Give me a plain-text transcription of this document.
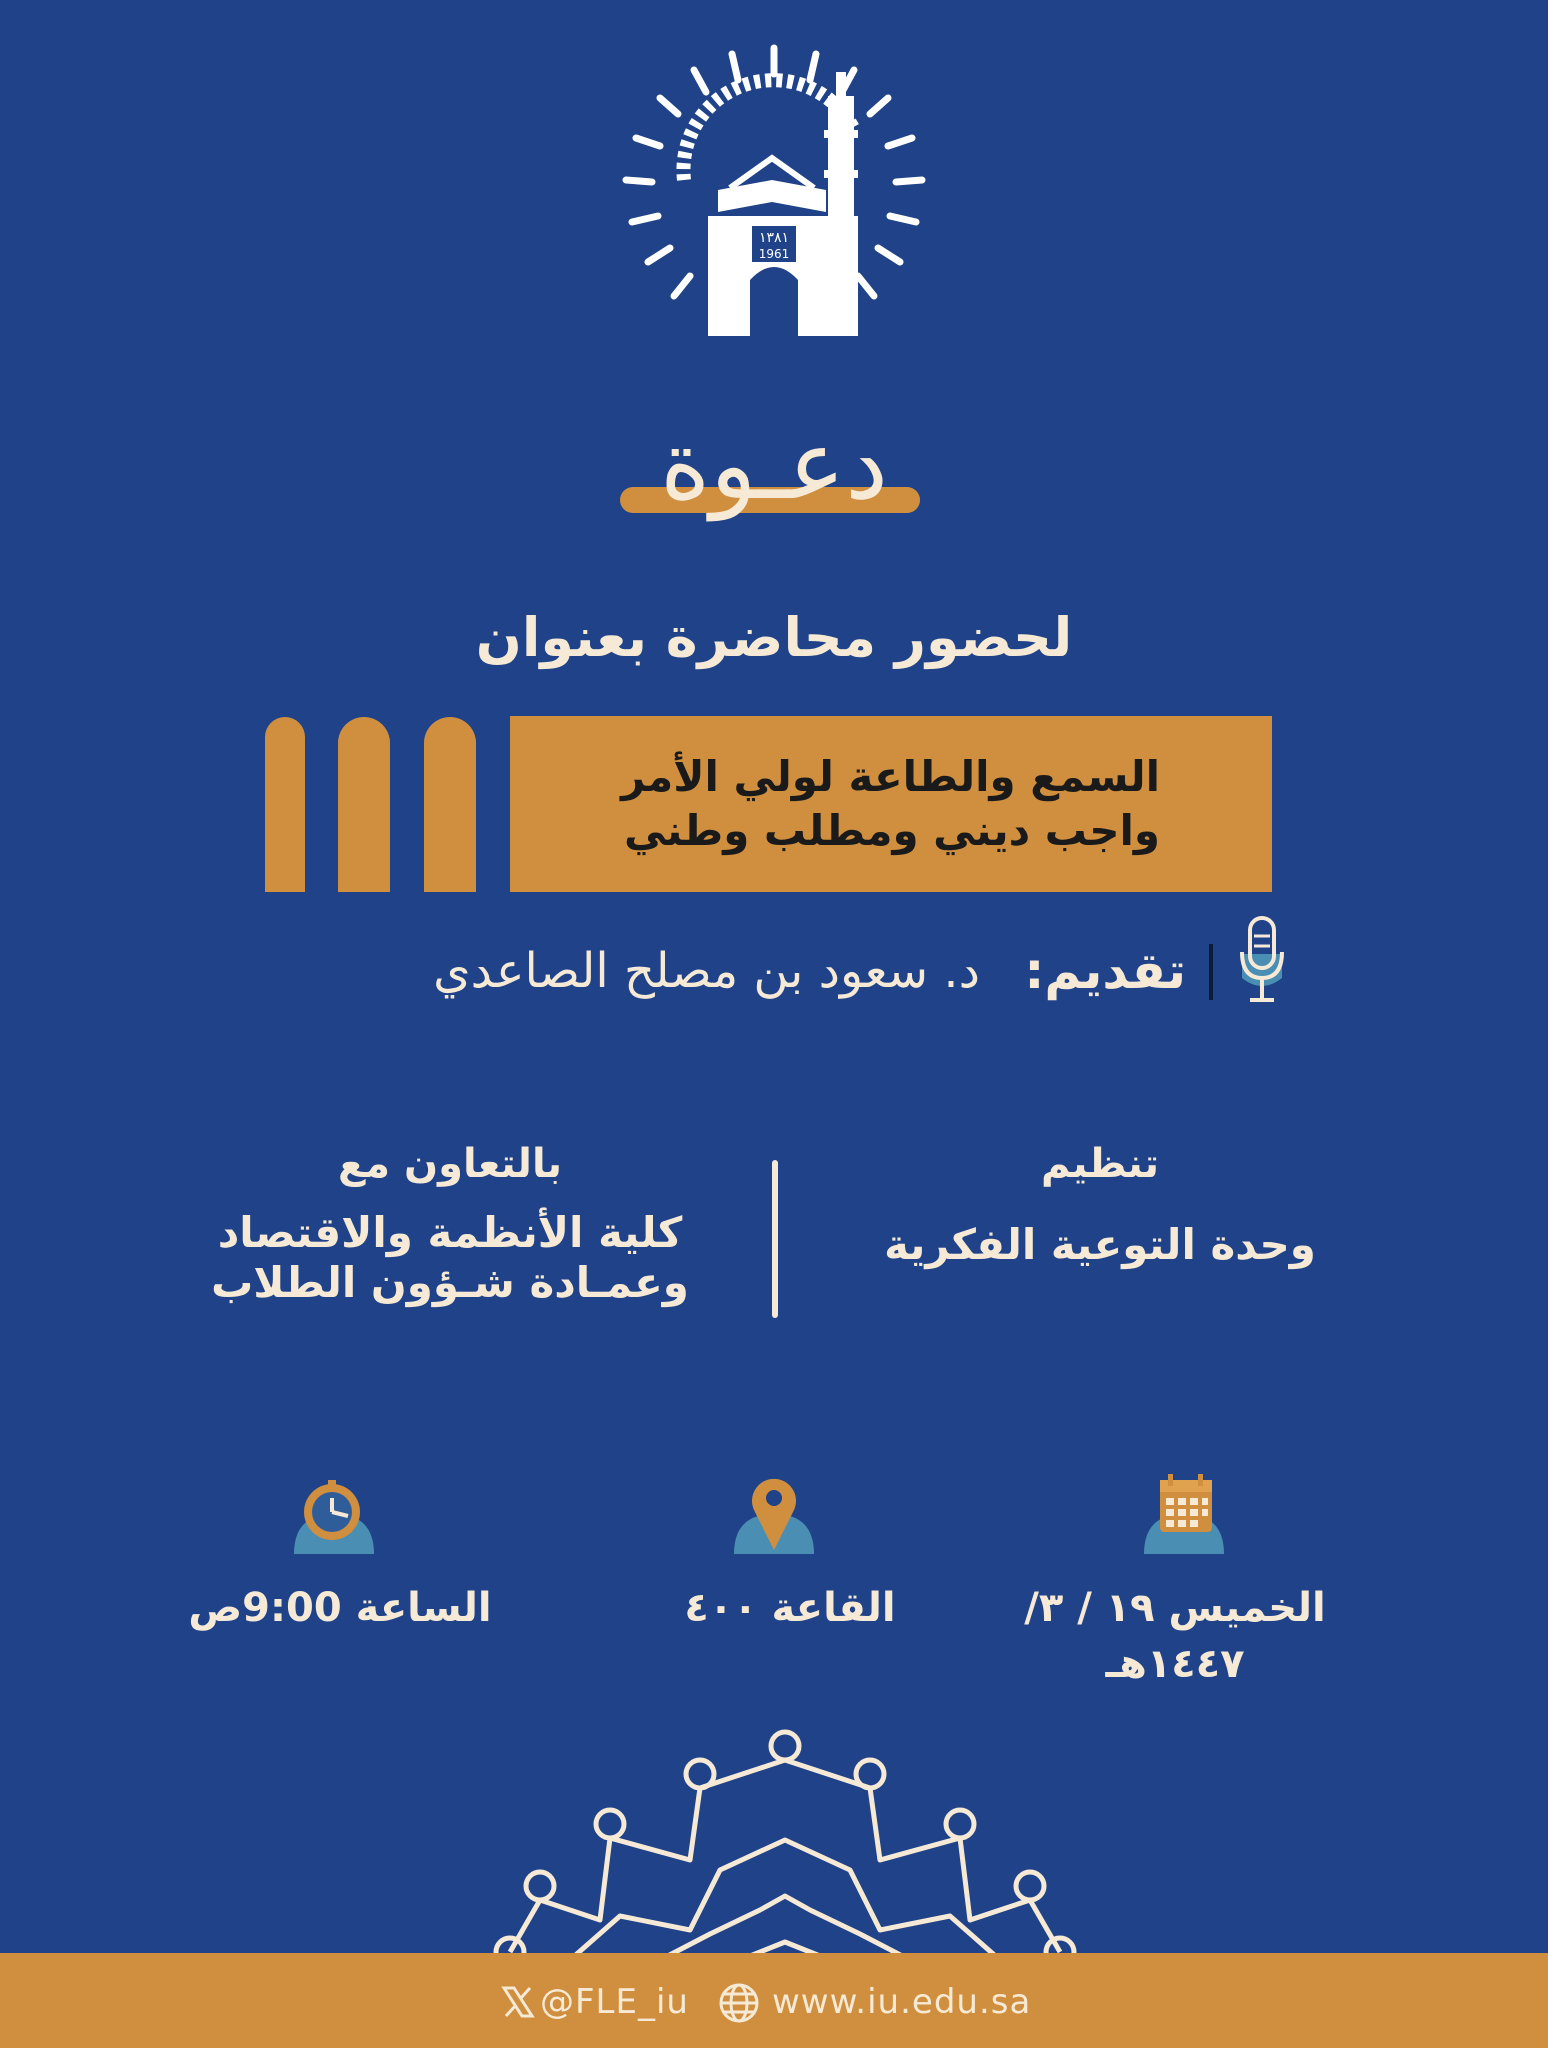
١٣٨١
1961
دعـوة
لحضور محاضرة بعنوان
السمع والطاعة لولي الأمر
واجب ديني ومطلب وطني
تقديم:
د. سعود بن مصلح الصاعدي
تنظيم
وحدة التوعية الفكرية
بالتعاون مع
كلية الأنظمة والاقتصاد
وعمـادة شـؤون الطلاب
الخميس ١٩ / ٣/ ١٤٤٧هـ
القاعة ٤٠٠
الساعة 9:00ص
@FLE_iu www.iu.edu.sa
